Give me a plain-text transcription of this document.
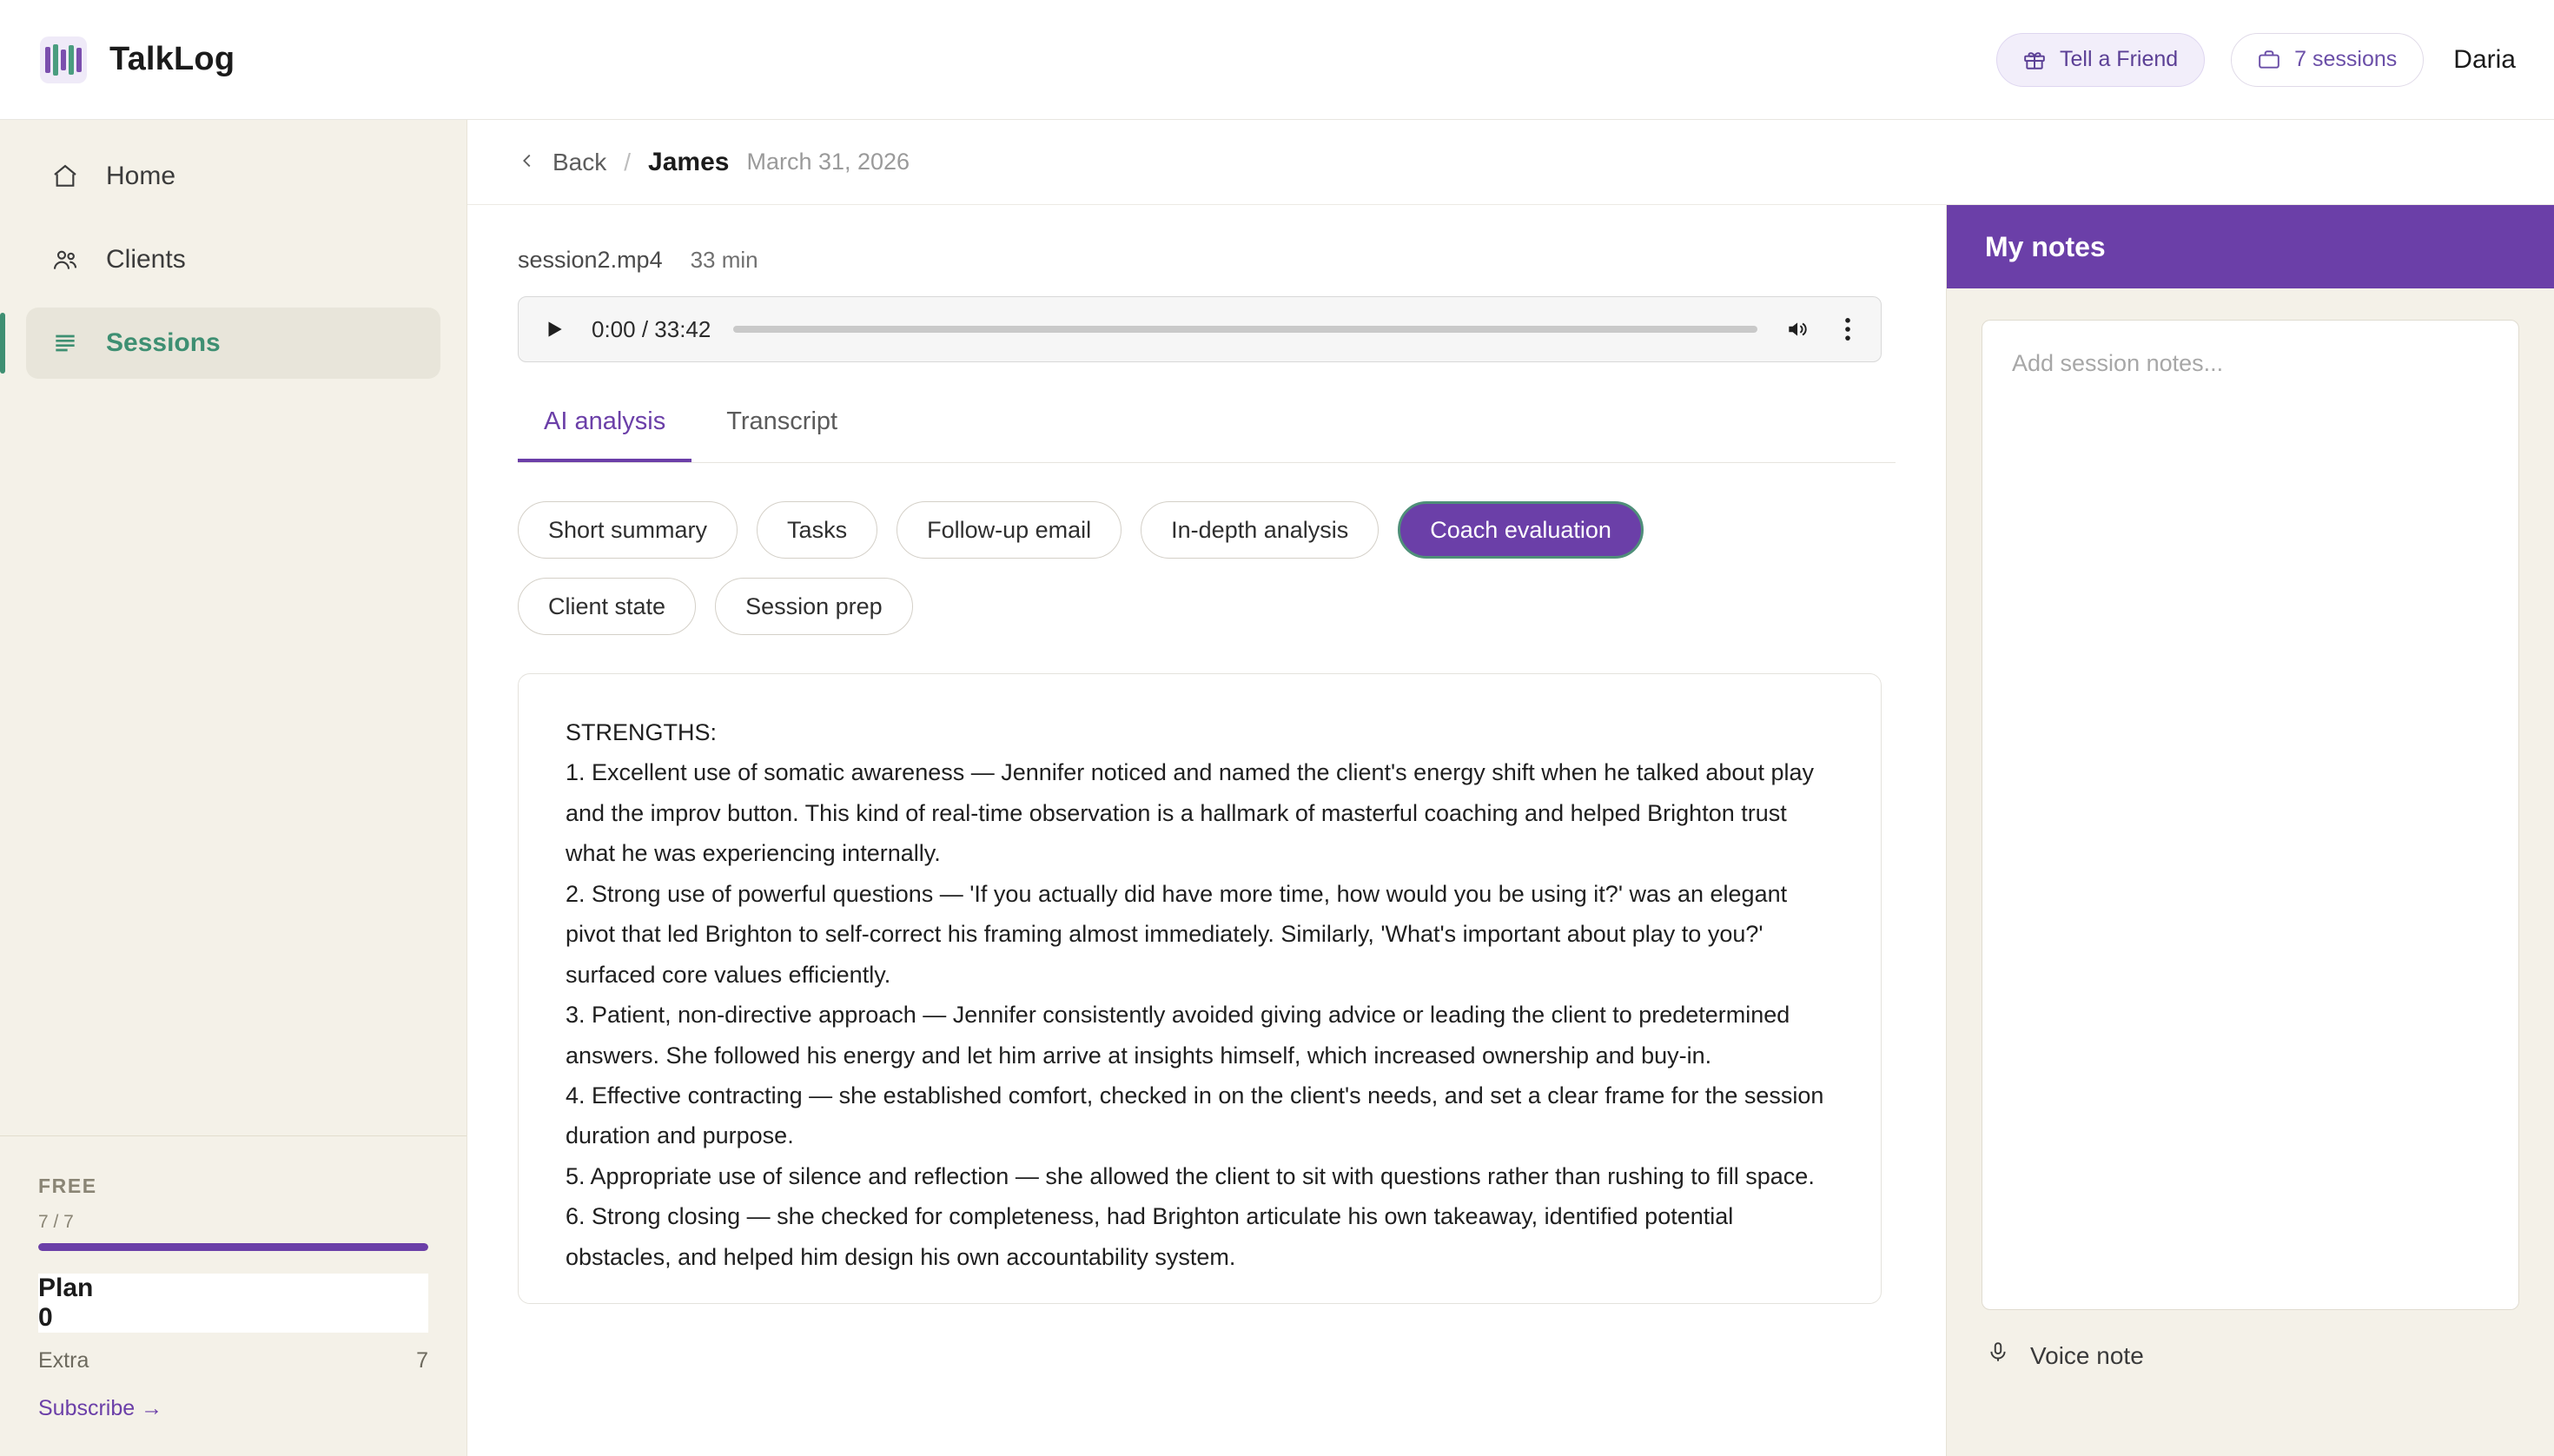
TalkLog	Tell a Friend	7 sessions Daria
Home
Clients
Sessions
FREE
7 / 7
Plan
0
Extra	7
Subscribe →
Back / James March 31, 2026
session2.mp4 33 min
0:00 / 33:42
AI analysis	Transcript
Short summary	Tasks	Follow-up email	In-depth analysis	Coach evaluation
Client state	Session prep

STRENGTHS:

1. Excellent use of somatic awareness — Jennifer noticed and named the client's energy shift when he talked about play and the improv button. This kind of real-time observation is a hallmark of masterful coaching and helped Brighton trust what he was experiencing internally.

2. Strong use of powerful questions — 'If you actually did have more time, how would you be using it?' was an elegant pivot that led Brighton to self-correct his framing almost immediately. Similarly, 'What's important about play to you?' surfaced core values efficiently.

3. Patient, non-directive approach — Jennifer consistently avoided giving advice or leading the client to predetermined answers. She followed his energy and let him arrive at insights himself, which increased ownership and buy-in.

4. Effective contracting — she established comfort, checked in on the client's needs, and set a clear frame for the session duration and purpose.

5. Appropriate use of silence and reflection — she allowed the client to sit with questions rather than rushing to fill space.

6. Strong closing — she checked for completeness, had Brighton articulate his own takeaway, identified potential obstacles, and helped him design his own accountability system.

My notes
Add session notes...
Voice note
